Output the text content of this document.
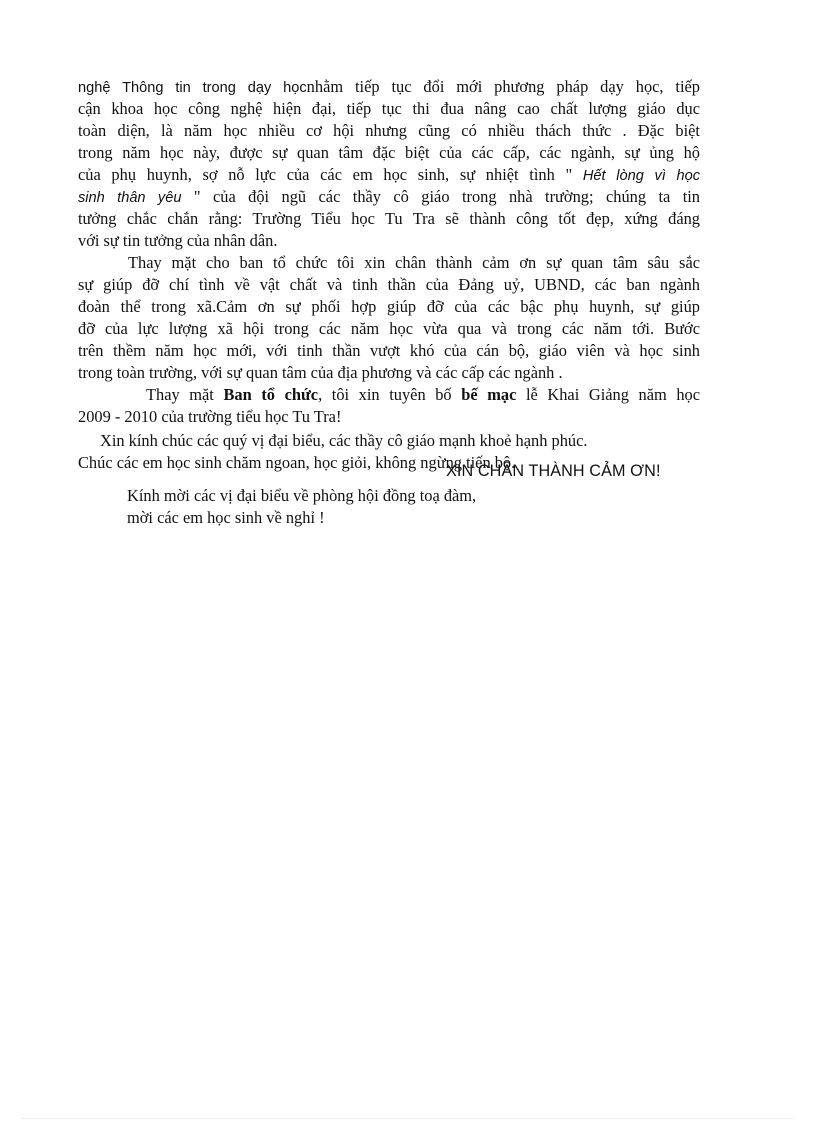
nghệ Thông tin trong dạy họcnhằm tiếp tục đổi mới phương pháp dạy học, tiếp
cận khoa học công nghệ hiện đại, tiếp tục thi đua nâng cao chất lượng giáo dục
toàn diện, là năm học nhiều cơ hội nhưng cũng có nhiều thách thức . Đặc biệt
trong năm học này, được sự quan tâm đặc biệt của các cấp, các ngành, sự ủng hộ
của phụ huynh, sợ nỗ lực của các em học sinh, sự nhiệt tình " Hết lòng vì học
sinh thân yêu " của đội ngũ các thầy cô giáo trong nhà trường; chúng ta tin
tưởng chắc chắn rằng: Trường Tiểu học Tu Tra sẽ thành công tốt đẹp, xứng đáng
với sự tin tưởng của nhân dân.
Thay mặt cho ban tổ chức tôi xin chân thành cảm ơn sự quan tâm sâu sắc
sự giúp đỡ chí tình về vật chất và tinh thần của Đảng uỷ, UBND, các ban ngành
đoàn thể trong xã.Cảm ơn sự phối hợp giúp đỡ của các bậc phụ huynh, sự giúp
đỡ của lực lượng xã hội trong các năm học vừa qua và trong các năm tới. Bước
trên thềm năm học mới, với tinh thần vượt khó của cán bộ, giáo viên và học sinh
trong toàn trường, với sự quan tâm của địa phương và các cấp các ngành .
Thay mặt Ban tổ chức, tôi xin tuyên bố bế mạc lễ Khai Giảng năm học
2009 - 2010 của trường tiểu học Tu Tra!
Xin kính chúc các quý vị đại biểu, các thầy cô giáo mạnh khoẻ hạnh phúc.
Chúc các em học sinh chăm ngoan, học giỏi, không ngừng tiến bộ.
XIN CHÂN THÀNH CẢM ƠN!
Kính mời các vị đại biểu về phòng hội đồng toạ đàm,
mời các em học sinh về nghỉ !
